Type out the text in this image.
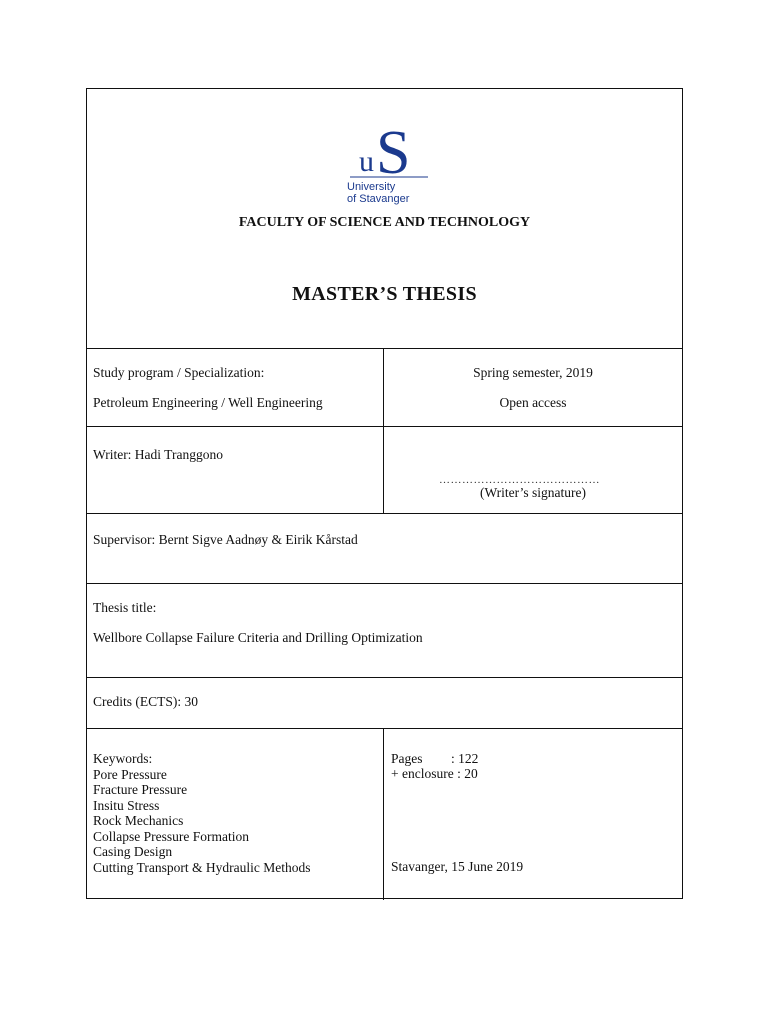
u S
University
of Stavanger
FACULTY OF SCIENCE AND TECHNOLOGY
MASTER’S THESIS
Study program / Specialization:
Petroleum Engineering / Well Engineering
Spring semester, 2019
Open access
Writer: Hadi Tranggono
……………………………………
(Writer’s signature)
Supervisor: Bernt Sigve Aadnøy & Eirik Kårstad
Thesis title:
Wellbore Collapse Failure Criteria and Drilling Optimization
Credits (ECTS): 30
Keywords:
Pore Pressure
Fracture Pressure
Insitu Stress
Rock Mechanics
Collapse Pressure Formation
Casing Design
Cutting Transport & Hydraulic Methods
Pages : 122
+ enclosure : 20
Stavanger, 15 June 2019
